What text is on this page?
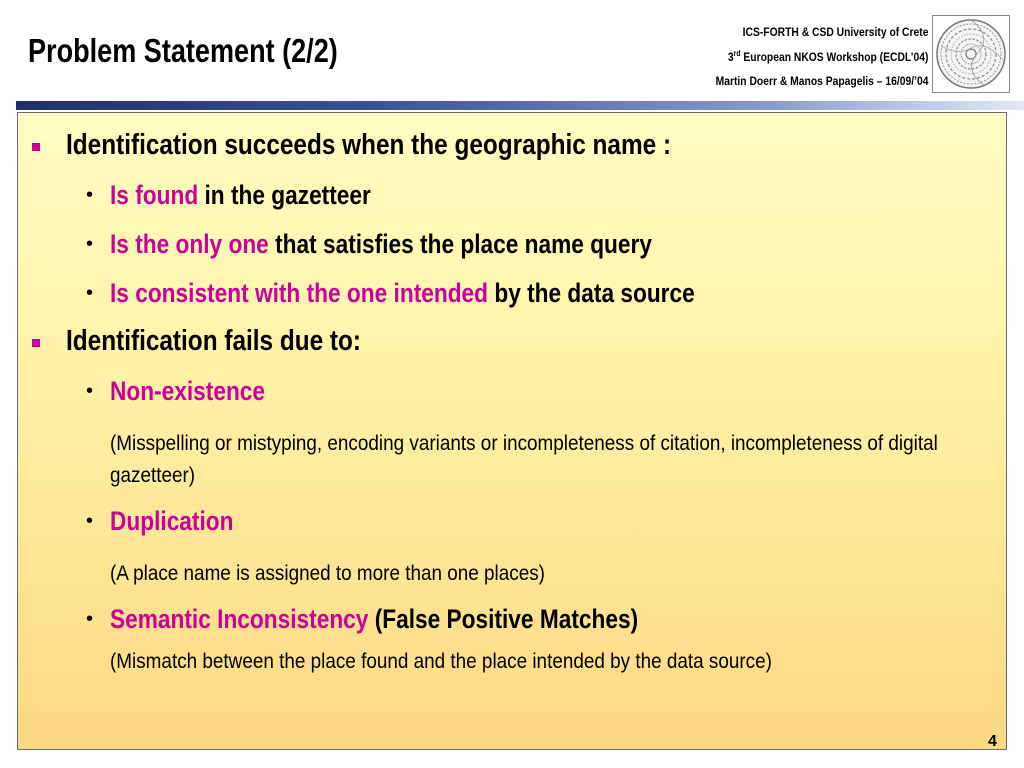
Problem Statement (2/2)	ICS-FORTH & CSD University of Crete
3rd European NKOS Workshop (ECDL’04)
Martin Doerr & Manos Papagelis – 16/09/’04
Identification succeeds when the geographic name :
• Is found in the gazetteer
• Is the only one that satisfies the place name query
• Is consistent with the one intended by the data source
Identification fails due to:
• Non-existence
(Misspelling or mistyping, encoding variants or incompleteness of citation, incompleteness of digital gazetteer)
• Duplication
(A place name is assigned to more than one places)
• Semantic Inconsistency (False Positive Matches)
(Mismatch between the place found and the place intended by the data source)
4
